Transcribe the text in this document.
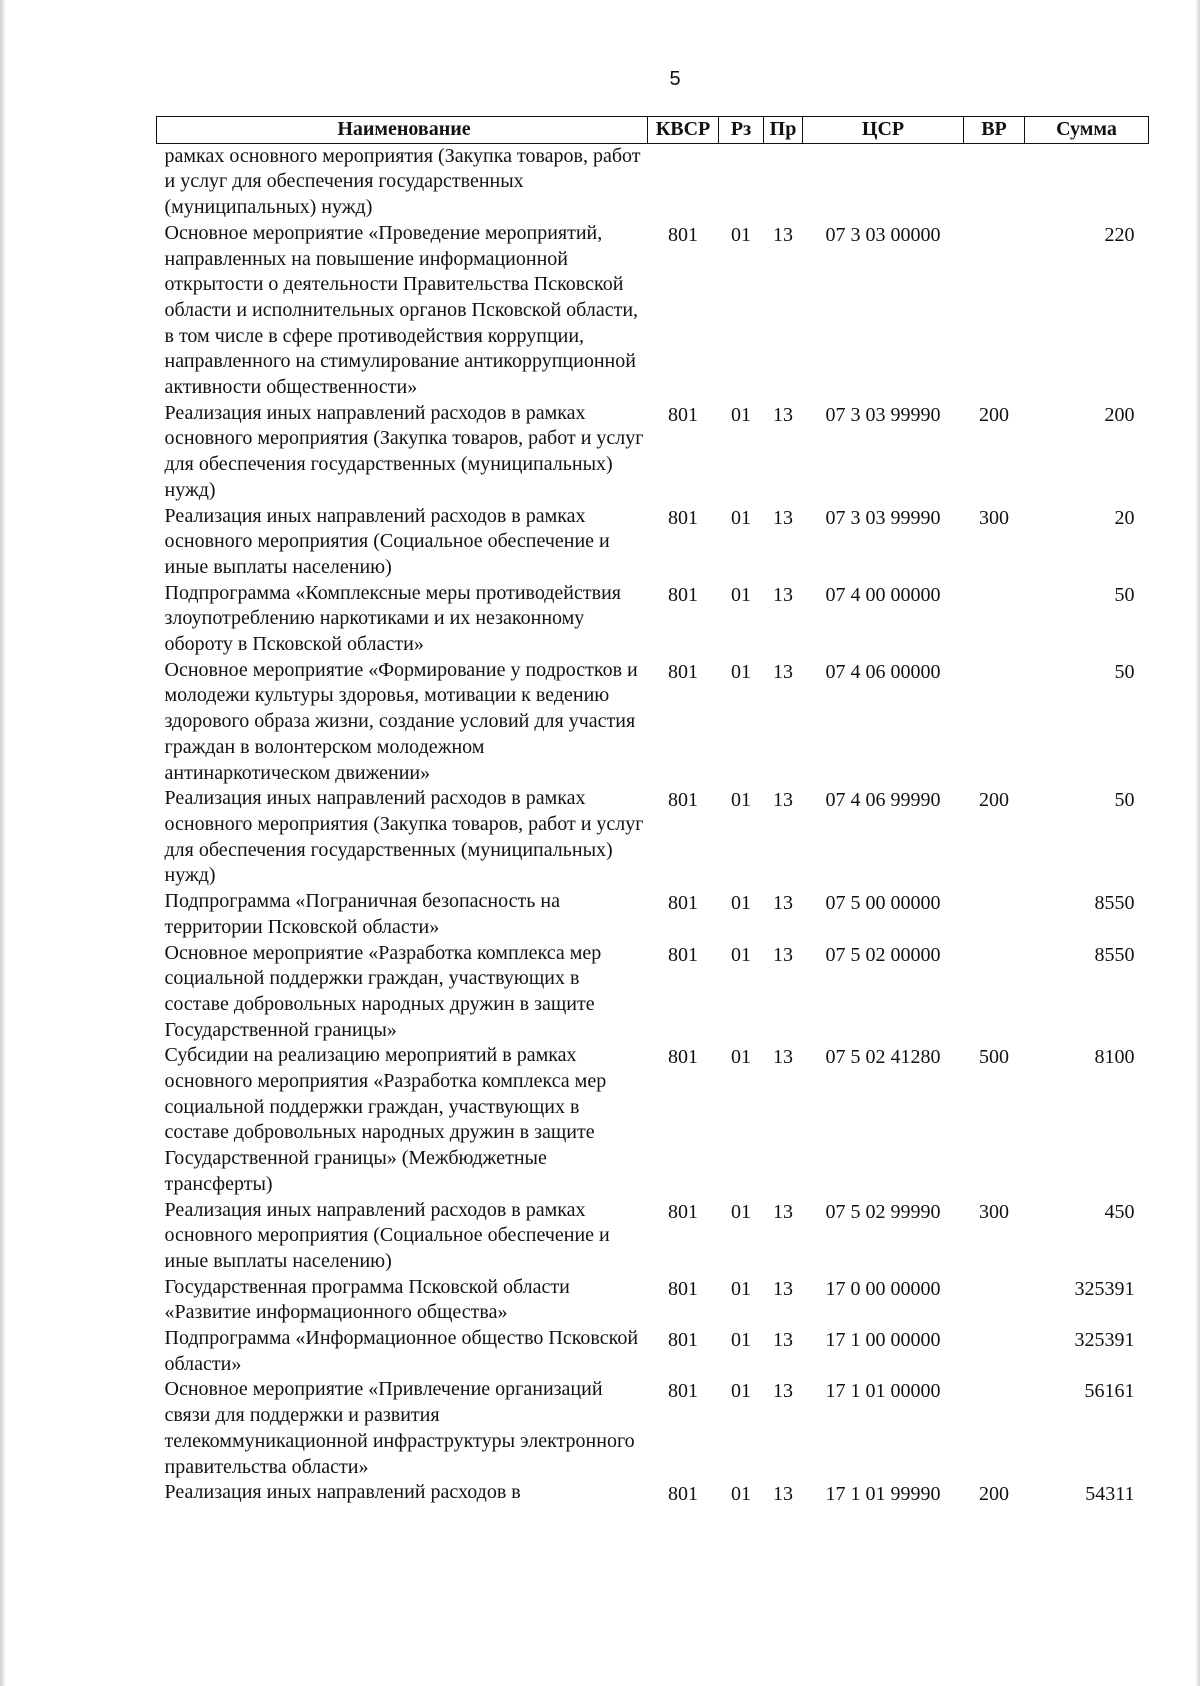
5
Наименование	КВСР	Рз	Пр	ЦСР	ВР	Сумма
рамках основного мероприятия (Закупка товаров, работ и услуг для обеспечения государственных (муниципальных) нужд)						
Основное мероприятие «Проведение мероприятий, направленных на повышение информационной открытости о деятельности Правительства Псковской области и исполнительных органов Псковской области, в том числе в сфере противодействия коррупции, направленного на стимулирование антикоррупционной активности общественности»	801	01	13	07 3 03 00000		220
Реализация иных направлений расходов в рамках основного мероприятия (Закупка товаров, работ и услуг для обеспечения государственных (муниципальных) нужд)	801	01	13	07 3 03 99990	200	200
Реализация иных направлений расходов в рамках основного мероприятия (Социальное обеспечение и иные выплаты населению)	801	01	13	07 3 03 99990	300	20
Подпрограмма «Комплексные меры противодействия злоупотреблению наркотиками и их незаконному обороту в Псковской области»	801	01	13	07 4 00 00000		50
Основное мероприятие «Формирование у подростков и молодежи культуры здоровья, мотивации к ведению здорового образа жизни, создание условий для участия граждан в волонтерском молодежном антинаркотическом движении»	801	01	13	07 4 06 00000		50
Реализация иных направлений расходов в рамках основного мероприятия (Закупка товаров, работ и услуг для обеспечения государственных (муниципальных) нужд)	801	01	13	07 4 06 99990	200	50
Подпрограмма «Пограничная безопасность на территории Псковской области»	801	01	13	07 5 00 00000		8550
Основное мероприятие «Разработка комплекса мер социальной поддержки граждан, участвующих в составе добровольных народных дружин в защите Государственной границы»	801	01	13	07 5 02 00000		8550
Субсидии на реализацию мероприятий в рамках основного мероприятия «Разработка комплекса мер социальной поддержки граждан, участвующих в составе добровольных народных дружин в защите Государственной границы» (Межбюджетные трансферты)	801	01	13	07 5 02 41280	500	8100
Реализация иных направлений расходов в рамках основного мероприятия (Социальное обеспечение и иные выплаты населению)	801	01	13	07 5 02 99990	300	450
Государственная программа Псковской области «Развитие информационного общества»	801	01	13	17 0 00 00000		325391
Подпрограмма «Информационное общество Псковской области»	801	01	13	17 1 00 00000		325391
Основное мероприятие «Привлечение организаций связи для поддержки и развития телекоммуникационной инфраструктуры электронного правительства области»	801	01	13	17 1 01 00000		56161
Реализация иных направлений расходов в	801	01	13	17 1 01 99990	200	54311
